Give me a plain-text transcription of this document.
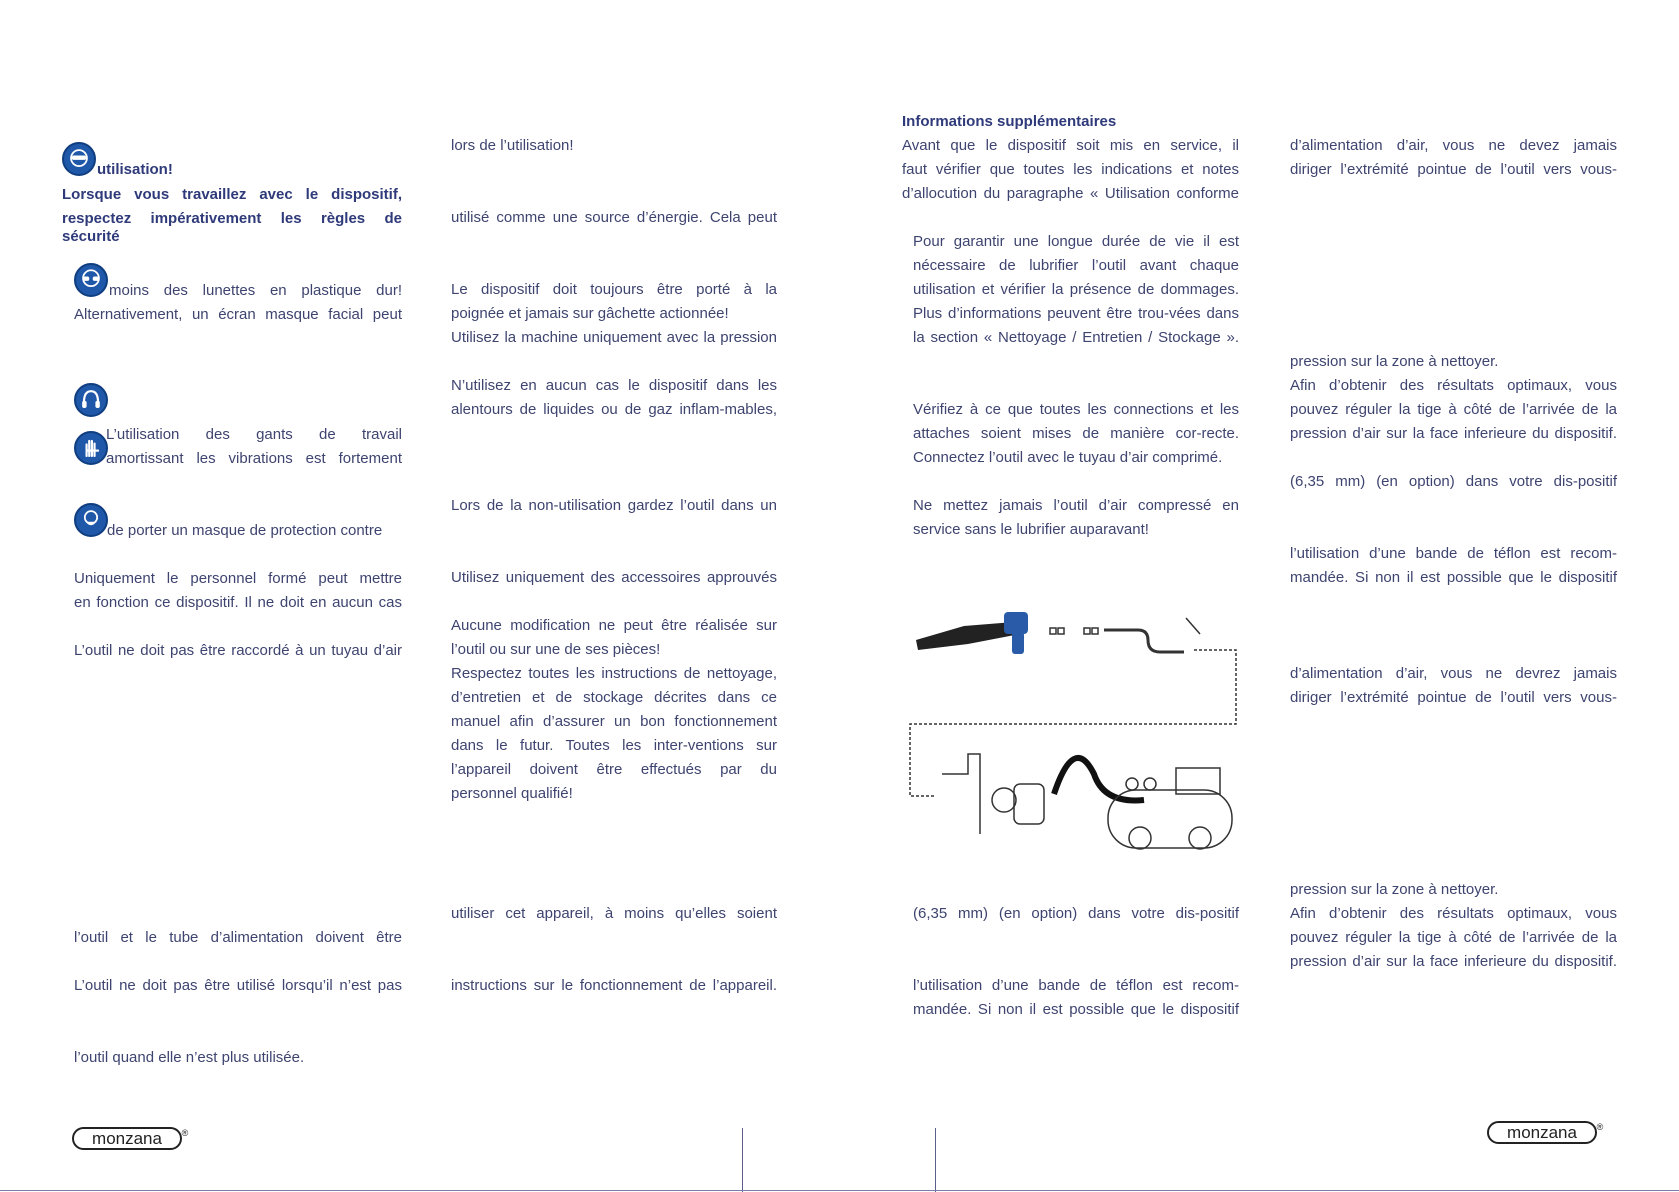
utilisation!
Lorsque vous travaillez avec le dispositif,
respectez impérativement les règles de sécurité
moins des lunettes en plastique dur!
Alternativement, un écran masque facial peut
L’utilisation des gants de travail
amortissant les vibrations est fortement
de porter un masque de protection contre
Uniquement le personnel formé peut mettre
en fonction ce dispositif. Il ne doit en aucun cas
L’outil ne doit pas être raccordé à un tuyau d’air
l’outil et le tube d’alimentation doivent être
L’outil ne doit pas être utilisé lorsqu’il n’est pas
l’outil quand elle n’est plus utilisée.
lors de l’utilisation!
utilisé comme une source d’énergie. Cela peut
Le dispositif doit toujours être porté à la
poignée et jamais sur gâchette actionnée!
Utilisez la machine uniquement avec la pression
N’utilisez en aucun cas le dispositif dans les
alentours de liquides ou de gaz inflam-mables,
Lors de la non-utilisation gardez l’outil dans un
Utilisez uniquement des accessoires approuvés
Aucune modification ne peut être réalisée sur
l’outil ou sur une de ses pièces!
Respectez toutes les instructions de nettoyage,
d’entretien et de stockage décrites dans ce
manuel afin d’assurer un bon fonctionnement
dans le futur. Toutes les inter-ventions sur
l’appareil doivent être effectués par du
personnel qualifié!
utiliser cet appareil, à moins qu’elles soient
instructions sur le fonctionnement de l’appareil.
Informations supplémentaires
Avant que le dispositif soit mis en service, il
faut vérifier que toutes les indications et notes
d’allocution du paragraphe « Utilisation conforme
Pour garantir une longue durée de vie il est
nécessaire de lubrifier l’outil avant chaque
utilisation et vérifier la présence de dommages.
Plus d’informations peuvent être trou-vées dans
la section « Nettoyage / Entretien / Stockage ».
Vérifiez à ce que toutes les connections et les
attaches soient mises de manière cor-recte.
Connectez l’outil avec le tuyau d’air comprimé.
Ne mettez jamais l’outil d’air compressé en
service sans le lubrifier auparavant!
(6,35 mm) (en option) dans votre dis-positif
l’utilisation d’une bande de téflon est recom-
mandée. Si non il est possible que le dispositif
d’alimentation d’air, vous ne devez jamais
diriger l’extrémité pointue de l’outil vers vous-
pression sur la zone à nettoyer.
Afin d’obtenir des résultats optimaux, vous
pouvez réguler la tige à côté de l’arrivée de la
pression d’air sur la face inferieure du dispositif.
(6,35 mm) (en option) dans votre dis-positif
l’utilisation d’une bande de téflon est recom-
mandée. Si non il est possible que le dispositif
d’alimentation d’air, vous ne devrez jamais
diriger l’extrémité pointue de l’outil vers vous-
pression sur la zone à nettoyer.
Afin d’obtenir des résultats optimaux, vous
pouvez réguler la tige à côté de l’arrivée de la
pression d’air sur la face inferieure du dispositif.
monzana ®	monzana ®
